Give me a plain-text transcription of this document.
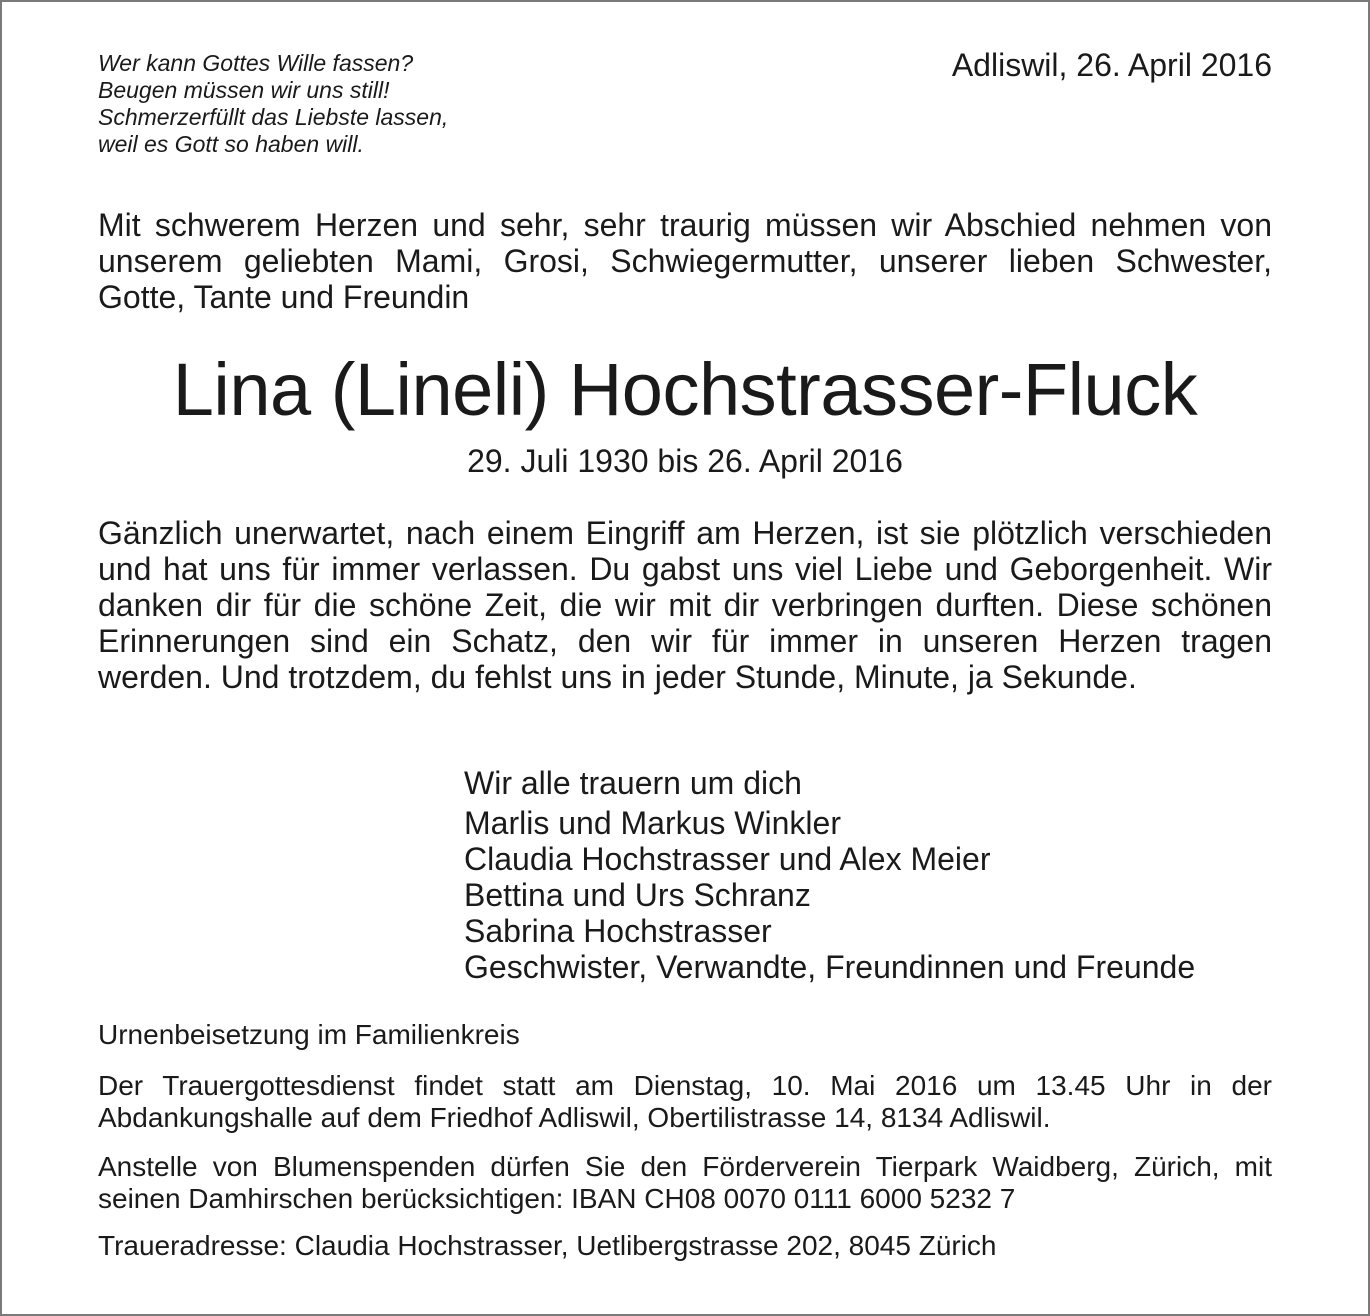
Wer kann Gottes Wille fassen?
Beugen müssen wir uns still!
Schmerzerfüllt das Liebste lassen,
weil es Gott so haben will.
Adliswil, 26. April 2016
Mit schwerem Herzen und sehr, sehr traurig müssen wir Abschied nehmen von unserem geliebten Mami, Grosi, Schwiegermutter, unserer lieben Schwester, Gotte, Tante und Freundin
Lina (Lineli) Hochstrasser-Fluck
29. Juli 1930 bis 26. April 2016
Gänzlich unerwartet, nach einem Eingriff am Herzen, ist sie plötzlich verschieden und hat uns für immer verlassen. Du gabst uns viel Liebe und Geborgenheit. Wir danken dir für die schöne Zeit, die wir mit dir verbringen durften. Diese schönen Erinnerungen sind ein Schatz, den wir für immer in unseren Herzen tragen werden. Und trotzdem, du fehlst uns in jeder Stunde, Minute, ja Sekunde.
Wir alle trauern um dich
Marlis und Markus Winkler
Claudia Hochstrasser und Alex Meier
Bettina und Urs Schranz
Sabrina Hochstrasser
Geschwister, Verwandte, Freundinnen und Freunde
Urnenbeisetzung im Familienkreis
Der Trauergottesdienst findet statt am Dienstag, 10. Mai 2016 um 13.45 Uhr in der Abdankungshalle auf dem Friedhof Adliswil, Obertilistrasse 14, 8134 Adliswil.
Anstelle von Blumenspenden dürfen Sie den Förderverein Tierpark Waidberg, Zürich, mit seinen Damhirschen berücksichtigen: IBAN CH08 0070 0111 6000 5232 7
Traueradresse: Claudia Hochstrasser, Uetlibergstrasse 202, 8045 Zürich
